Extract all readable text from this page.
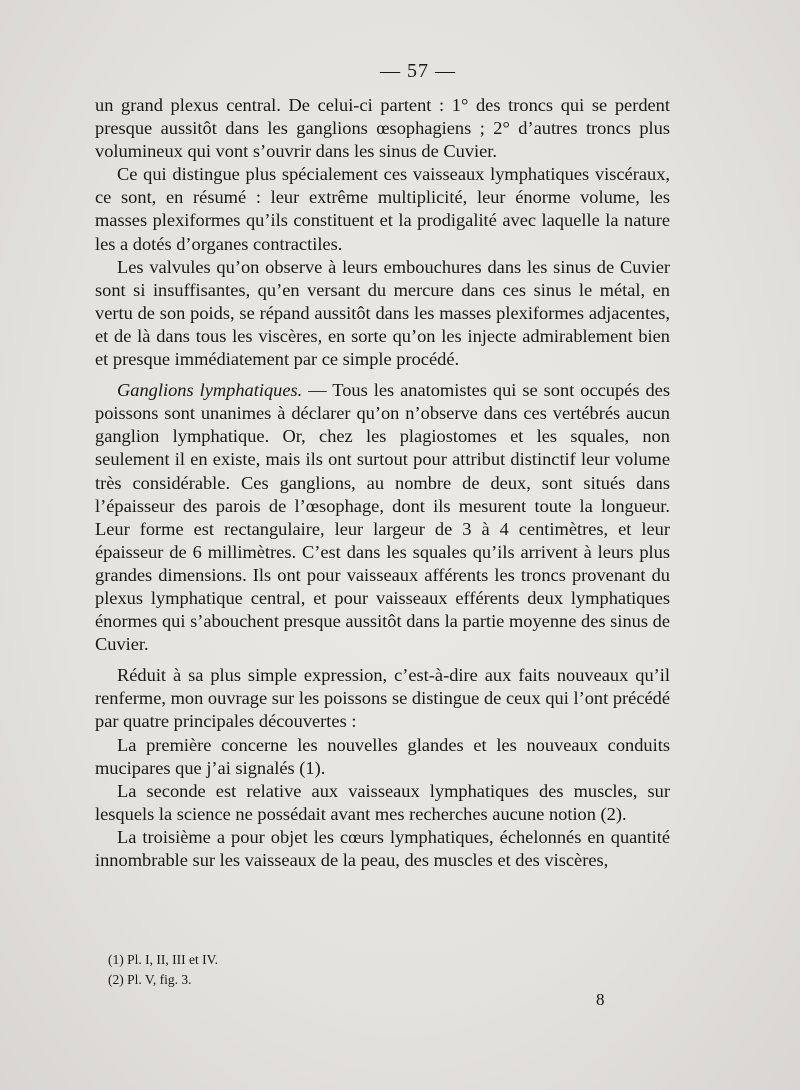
— 57 —

un grand plexus central. De celui-ci partent : 1° des troncs qui se perdent presque aussitôt dans les ganglions œsophagiens ; 2° d’autres troncs plus volumineux qui vont s’ouvrir dans les sinus de Cuvier.

Ce qui distingue plus spécialement ces vaisseaux lymphatiques viscéraux, ce sont, en résumé : leur extrême multiplicité, leur énorme volume, les masses plexiformes qu’ils constituent et la prodigalité avec laquelle la nature les a dotés d’organes contractiles.

Les valvules qu’on observe à leurs embouchures dans les sinus de Cuvier sont si insuffisantes, qu’en versant du mercure dans ces sinus le métal, en vertu de son poids, se répand aussitôt dans les masses plexiformes adjacentes, et de là dans tous les viscères, en sorte qu’on les injecte admirablement bien et presque immédiatement par ce simple procédé.

Ganglions lymphatiques. — Tous les anatomistes qui se sont occupés des poissons sont unanimes à déclarer qu’on n’observe dans ces vertébrés aucun ganglion lymphatique. Or, chez les plagiostomes et les squales, non seulement il en existe, mais ils ont surtout pour attribut distinctif leur volume très considérable. Ces ganglions, au nombre de deux, sont situés dans l’épaisseur des parois de l’œsophage, dont ils mesurent toute la longueur. Leur forme est rectangulaire, leur largeur de 3 à 4 centimètres, et leur épaisseur de 6 millimètres. C’est dans les squales qu’ils arrivent à leurs plus grandes dimensions. Ils ont pour vaisseaux afférents les troncs provenant du plexus lymphatique central, et pour vaisseaux efférents deux lymphatiques énormes qui s’abouchent presque aussitôt dans la partie moyenne des sinus de Cuvier.

Réduit à sa plus simple expression, c’est-à-dire aux faits nouveaux qu’il renferme, mon ouvrage sur les poissons se distingue de ceux qui l’ont précédé par quatre principales découvertes :

La première concerne les nouvelles glandes et les nouveaux conduits mucipares que j’ai signalés (1).

La seconde est relative aux vaisseaux lymphatiques des muscles, sur lesquels la science ne possédait avant mes recherches aucune notion (2).

La troisième a pour objet les cœurs lymphatiques, échelonnés en quantité innombrable sur les vaisseaux de la peau, des muscles et des viscères,

(1) Pl. I, II, III et IV.
(2) Pl. V, fig. 3.
8
